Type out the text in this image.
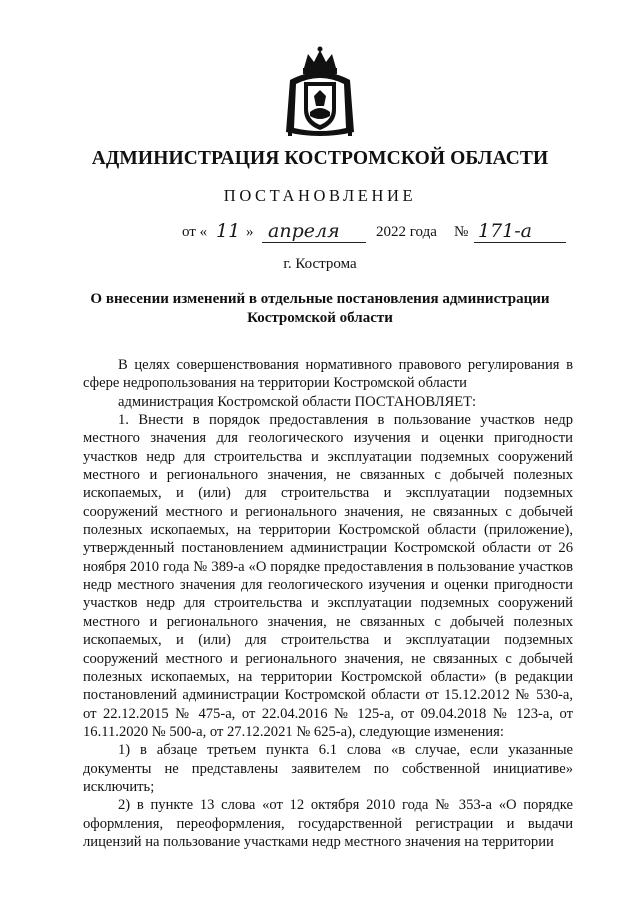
АДМИНИСТРАЦИЯ КОСТРОМСКОЙ ОБЛАСТИ
ПОСТАНОВЛЕНИЕ
от « 11 » апреля 2022 года № 171-а
г. Кострома
О внесении изменений в отдельные постановления администрации Костромской области

В целях совершенствования нормативного правового регулирования в сфере недропользования на территории Костромской области

администрация Костромской области ПОСТАНОВЛЯЕТ:

1. Внести в порядок предоставления в пользование участков недр местного значения для геологического изучения и оценки пригодности участков недр для строительства и эксплуатации подземных сооружений местного и регионального значения, не связанных с добычей полезных ископаемых, и (или) для строительства и эксплуатации подземных сооружений местного и регионального значения, не связанных с добычей полезных ископаемых, на территории Костромской области (приложение), утвержденный постановлением администрации Костромской области от 26 ноября 2010 года № 389-а «О порядке предоставления в пользование участков недр местного значения для геологического изучения и оценки пригодности участков недр для строительства и эксплуатации подземных сооружений местного и регионального значения, не связанных с добычей полезных ископаемых, и (или) для строительства и эксплуатации подземных сооружений местного и регионального значения, не связанных с добычей полезных ископаемых, на территории Костромской области» (в редакции постановлений администрации Костромской области от 15.12.2012 № 530-а, от 22.12.2015 № 475-а, от 22.04.2016 № 125-а, от 09.04.2018 № 123-а, от 16.11.2020 № 500-а, от 27.12.2021 № 625-а), следующие изменения:

1) в абзаце третьем пункта 6.1 слова «в случае, если указанные документы не представлены заявителем по собственной инициативе» исключить;

2) в пункте 13 слова «от 12 октября 2010 года № 353-а «О порядке оформления, переоформления, государственной регистрации и выдачи лицензий на пользование участками недр местного значения на территории
